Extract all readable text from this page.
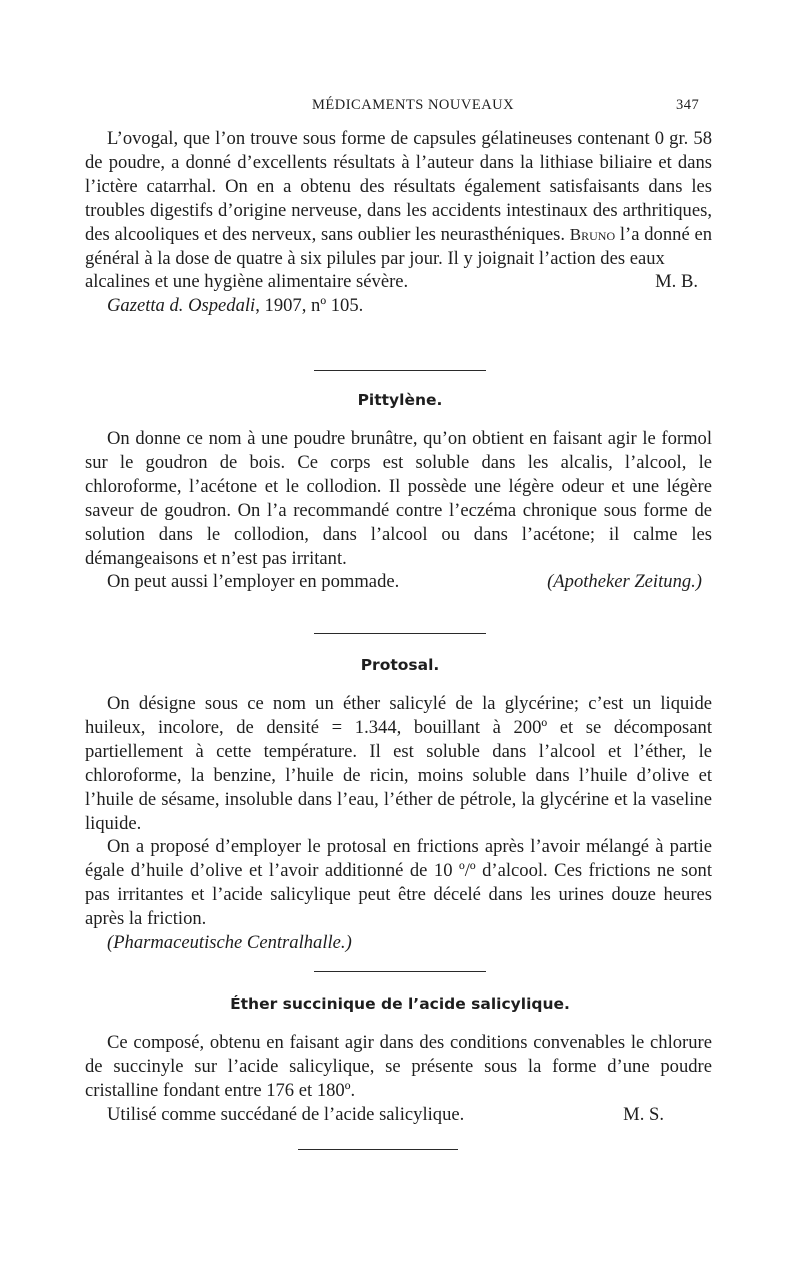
MÉDICAMENTS NOUVEAUX	347

L’ovogal, que l’on trouve sous forme de capsules gélatineuses contenant 0 gr. 58 de poudre, a donné d’excellents résultats à l’auteur dans la lithiase biliaire et dans l’ictère catarrhal. On en a obtenu des résultats également satisfaisants dans les troubles digestifs d’origine nerveuse, dans les accidents intestinaux des arthritiques, des alcooliques et des nerveux, sans oublier les neurasthéniques. Bruno l’a donné en général à la dose de quatre à six pilules par jour. Il y joignait l’action des eaux

alcalines et une hygiène alimentaire sévère.	M. B.

Gazetta d. Ospedali, 1907, nº 105.

Pittylène.

On donne ce nom à une poudre brunâtre, qu’on obtient en faisant agir le formol sur le goudron de bois. Ce corps est soluble dans les alcalis, l’alcool, le chloroforme, l’acétone et le collodion. Il possède une légère odeur et une légère saveur de goudron. On l’a recommandé contre l’eczéma chronique sous forme de solution dans le collodion, dans l’alcool ou dans l’acétone; il calme les démangeaisons et n’est pas irritant.

On peut aussi l’employer en pommade.	(Apotheker Zeitung.)
Protosal.

On désigne sous ce nom un éther salicylé de la glycérine; c’est un liquide huileux, incolore, de densité = 1.344, bouillant à 200º et se décomposant partiellement à cette température. Il est soluble dans l’alcool et l’éther, le chloroforme, la benzine, l’huile de ricin, moins soluble dans l’huile d’olive et l’huile de sésame, insoluble dans l’eau, l’éther de pétrole, la glycérine et la vaseline liquide.

On a proposé d’employer le protosal en frictions après l’avoir mélangé à partie égale d’huile d’olive et l’avoir additionné de 10 º/º d’alcool. Ces frictions ne sont pas irritantes et l’acide salicylique peut être décelé dans les urines douze heures après la friction.

(Pharmaceutische Centralhalle.)

Éther succinique de l’acide salicylique.

Ce composé, obtenu en faisant agir dans des conditions convenables le chlorure de succinyle sur l’acide salicylique, se présente sous la forme d’une poudre cristalline fondant entre 176 et 180º.

Utilisé comme succédané de l’acide salicylique.	M. S.
